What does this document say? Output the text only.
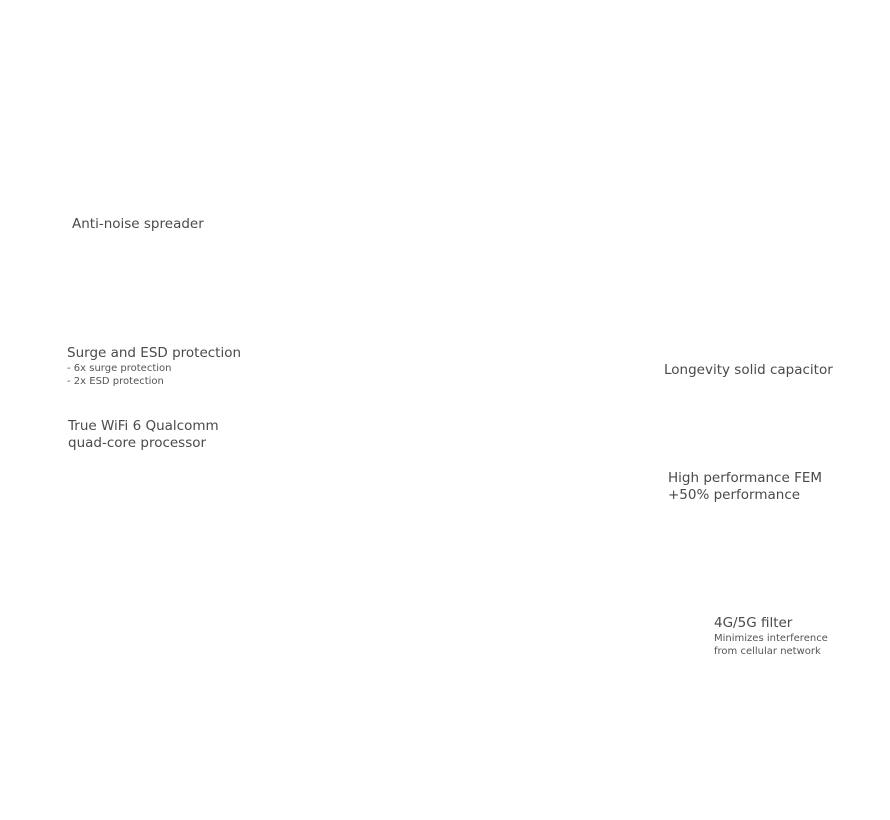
Anti-noise spreader
Surge and ESD protection
- 6x surge protection
- 2x ESD protection
True WiFi 6 Qualcomm
quad-core processor
Longevity solid capacitor
High performance FEM
+50% performance
4G/5G filter
Minimizes interference
from cellular network
